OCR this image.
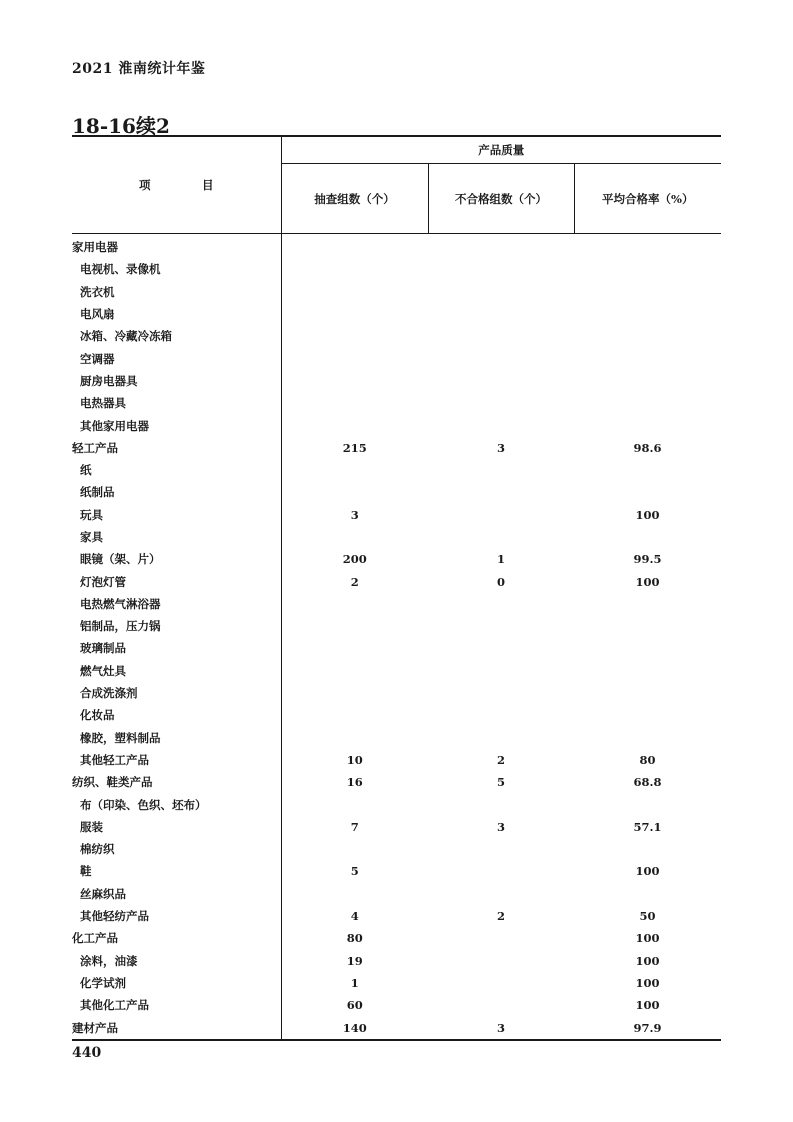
2021 淮南统计年鉴
18-16续2
项　目	产品质量		
	抽查组数（个）	不合格组数（个）	平均合格率（%）
家用电器			
电视机、录像机			
洗衣机			
电风扇			
冰箱、冷藏冷冻箱			
空调器			
厨房电器具			
电热器具			
其他家用电器			
轻工产品	215	3	98.6
纸			
纸制品			
玩具	3		100
家具			
眼镜（架、片）	200	1	99.5
灯泡灯管	2	0	100
电热燃气淋浴器			
铝制品，压力锅			
玻璃制品			
燃气灶具			
合成洗涤剂			
化妆品			
橡胶，塑料制品			
其他轻工产品	10	2	80
纺织、鞋类产品	16	5	68.8
布（印染、色织、坯布）			
服装	7	3	57.1
棉纺织			
鞋	5		100
丝麻织品			
其他轻纺产品	4	2	50
化工产品	80		100
涂料，油漆	19		100
化学试剂	1		100
其他化工产品	60		100
建材产品	140	3	97.9
440
